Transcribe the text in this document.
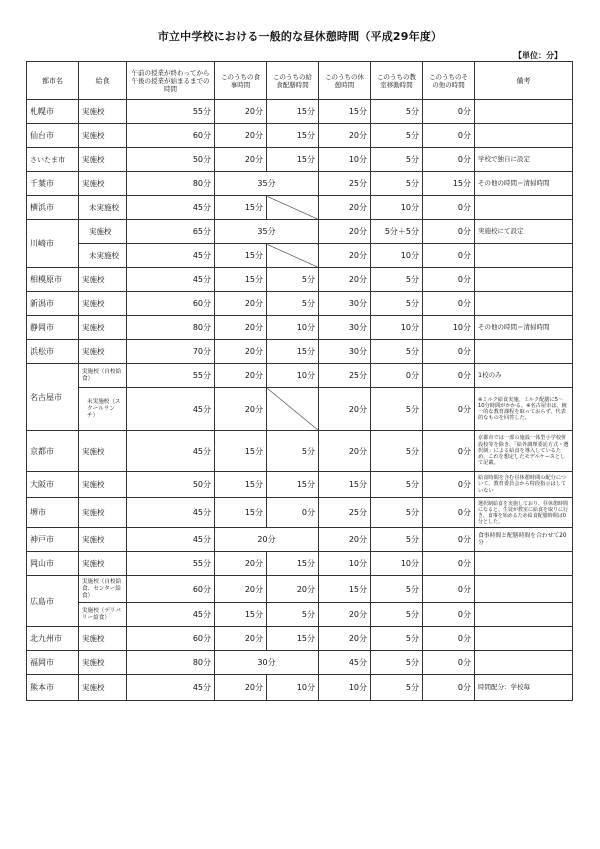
市立中学校における一般的な昼休憩時間（平成29年度）
【単位：分】
都市名	給食	午前の授業が終わってから午後の授業が始まるまでの時間	このうちの食事時間	このうちの給食配膳時間	このうちの休憩時間	このうちの教室移動時間	このうちのその他の時間	備考
札幌市	実施校	55分	20分	15分	15分	5分	0分	
仙台市	実施校	60分	20分	15分	20分	5分	0分	
さいたま市	実施校	50分	20分	15分	10分	5分	0分	学校で独自に設定
千葉市	実施校	80分	35分		25分	5分	15分	その他の時間＝清掃時間
横浜市	未実施校	45分	15分		20分	10分	0分	
川崎市	実施校	65分	35分		20分	5分＋5分	0分	実施校にて設定
	未実施校	45分	15分		20分	10分	0分	
相模原市	実施校	45分	15分	5分	20分	5分	0分	
新潟市	実施校	60分	20分	5分	30分	5分	0分	
静岡市	実施校	80分	20分	10分	30分	10分	10分	その他の時間＝清掃時間
浜松市	実施校	70分	20分	15分	30分	5分	0分	
名古屋市	実施校（自校給食）	55分	20分	10分	25分	0分	0分	1校のみ
	未実施校（スクールランチ）	45分	20分		20分	5分	0分	※ミルク給食実施。ミルク配膳に5～10分時間がかかる。※名古屋市は、統一的な教育課程を取っておらず、代表的なものを回答した。
京都市	実施校	45分	15分	5分	20分	5分	0分	京都市では一部の施設一体型小学校併設校等を除き、「給外調理委託方式・選択制」による給食を導入しているため、これを想定したモデルケースとして記載。
大阪市	実施校	50分	15分	15分	15分	5分	0分	給食時間を含む昼休憩時間の配分について、教育委員会から特段指示はしていない
堺市	実施校	45分	15分	0分	25分	5分	0分	選択制給食を実施しており、昼休憩時間になると、生徒が教室に給食を取りに行き、食事を始めるため給食配膳時間は0分とした。
神戸市	実施校	45分	20分		20分	5分	0分	食事時間と配膳時間を合わせて20分
岡山市	実施校	55分	20分	15分	10分	10分	0分	
広島市	実施校（自校給食、センター給食）	60分	20分	20分	15分	5分	0分	
	実施校（デリバリー給食）	45分	15分	5分	20分	5分	0分	
北九州市	実施校	60分	20分	15分	20分	5分	0分	
福岡市	実施校	80分	30分		45分	5分	0分	
熊本市	実施校	45分	20分	10分	10分	5分	0分	時間配分：学校毎
